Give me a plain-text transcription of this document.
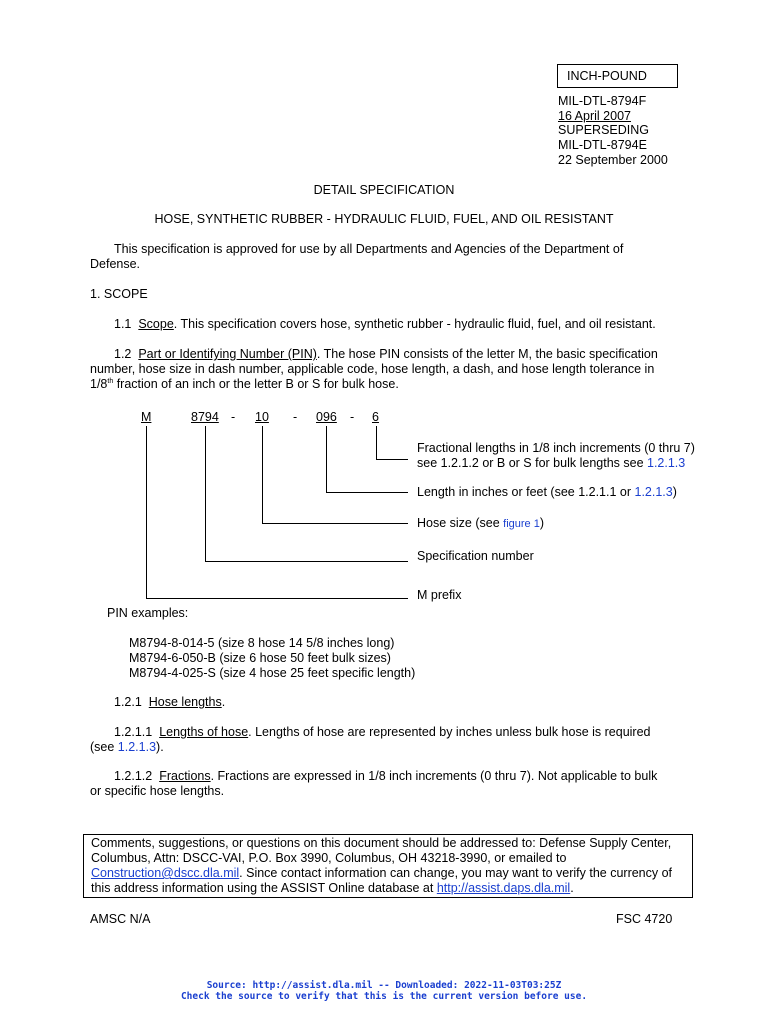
INCH-POUND
MIL-DTL-8794F
16 April 2007
SUPERSEDING
MIL-DTL-8794E
22 September 2000
DETAIL SPECIFICATION
HOSE, SYNTHETIC RUBBER - HYDRAULIC FLUID, FUEL, AND OIL RESISTANT
This specification is approved for use by all Departments and Agencies of the Department of
Defense.
1. SCOPE
1.1 Scope. This specification covers hose, synthetic rubber - hydraulic fluid, fuel, and oil resistant.
1.2 Part or Identifying Number (PIN). The hose PIN consists of the letter M, the basic specification
number, hose size in dash number, applicable code, hose length, a dash, and hose length tolerance in
1/8th fraction of an inch or the letter B or S for bulk hose.
M	8794 - 10 - 096 - 6
Fractional lengths in 1/8 inch increments (0 thru 7)
see 1.2.1.2 or B or S for bulk lengths see 1.2.1.3
Length in inches or feet (see 1.2.1.1 or 1.2.1.3)
Hose size (see figure 1)
Specification number
M prefix
PIN examples:
M8794-8-014-5 (size 8 hose 14 5/8 inches long)
M8794-6-050-B (size 6 hose 50 feet bulk sizes)
M8794-4-025-S (size 4 hose 25 feet specific length)
1.2.1 Hose lengths.
1.2.1.1 Lengths of hose. Lengths of hose are represented by inches unless bulk hose is required
(see 1.2.1.3).
1.2.1.2 Fractions. Fractions are expressed in 1/8 inch increments (0 thru 7). Not applicable to bulk
or specific hose lengths.
Comments, suggestions, or questions on this document should be addressed to: Defense Supply Center,
Columbus, Attn: DSCC-VAI, P.O. Box 3990, Columbus, OH 43218-3990, or emailed to
Construction@dscc.dla.mil. Since contact information can change, you may want to verify the currency of
this address information using the ASSIST Online database at http://assist.daps.dla.mil.
AMSC N/A	FSC 4720
Source: http://assist.dla.mil -- Downloaded: 2022-11-03T03:25Z
Check the source to verify that this is the current version before use.
